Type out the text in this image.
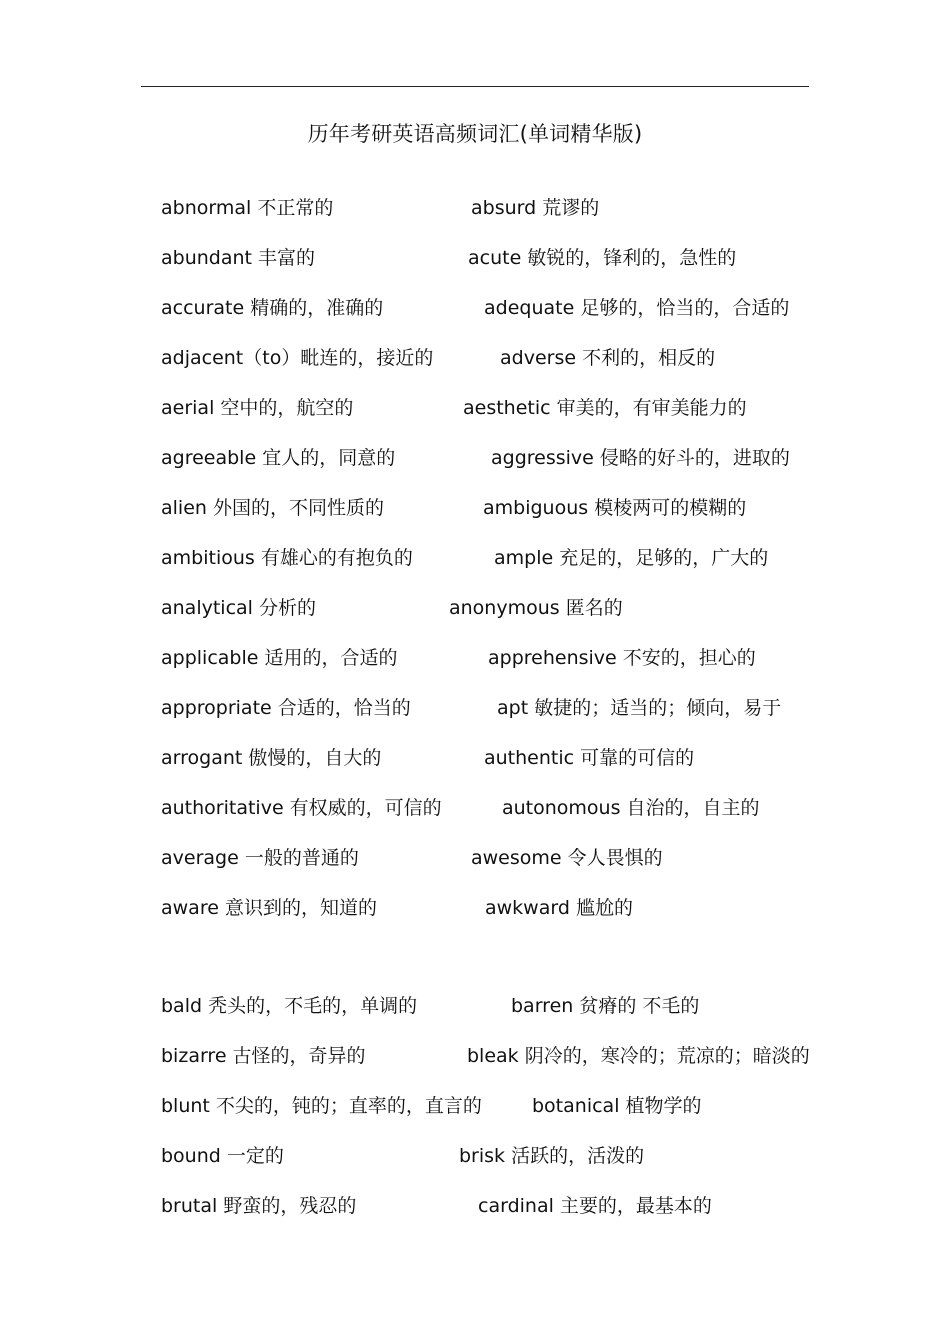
历年考研英语高频词汇(单词精华版)
abnormal 不正常的	absurd 荒谬的
abundant 丰富的	acute 敏锐的，锋利的，急性的
accurate 精确的，准确的	adequate 足够的，恰当的，合适的
adjacent（to）毗连的，接近的	adverse 不利的，相反的
aerial 空中的，航空的	aesthetic 审美的，有审美能力的
agreeable 宜人的，同意的	aggressive 侵略的好斗的，进取的
alien 外国的，不同性质的	ambiguous 模棱两可的模糊的
ambitious 有雄心的有抱负的	ample 充足的，足够的，广大的
analytical 分析的	anonymous 匿名的
applicable 适用的，合适的	apprehensive 不安的，担心的
appropriate 合适的，恰当的	apt 敏捷的；适当的；倾向，易于
arrogant 傲慢的，自大的	authentic 可靠的可信的
authoritative 有权威的，可信的	autonomous 自治的，自主的
average 一般的普通的	awesome 令人畏惧的
aware 意识到的，知道的	awkward 尴尬的
bald 秃头的，不毛的，单调的	barren 贫瘠的 不毛的
bizarre 古怪的，奇异的	bleak 阴冷的，寒冷的；荒凉的；暗淡的
blunt 不尖的，钝的；直率的，直言的	botanical 植物学的
bound 一定的	brisk 活跃的，活泼的
brutal 野蛮的，残忍的	cardinal 主要的，最基本的
